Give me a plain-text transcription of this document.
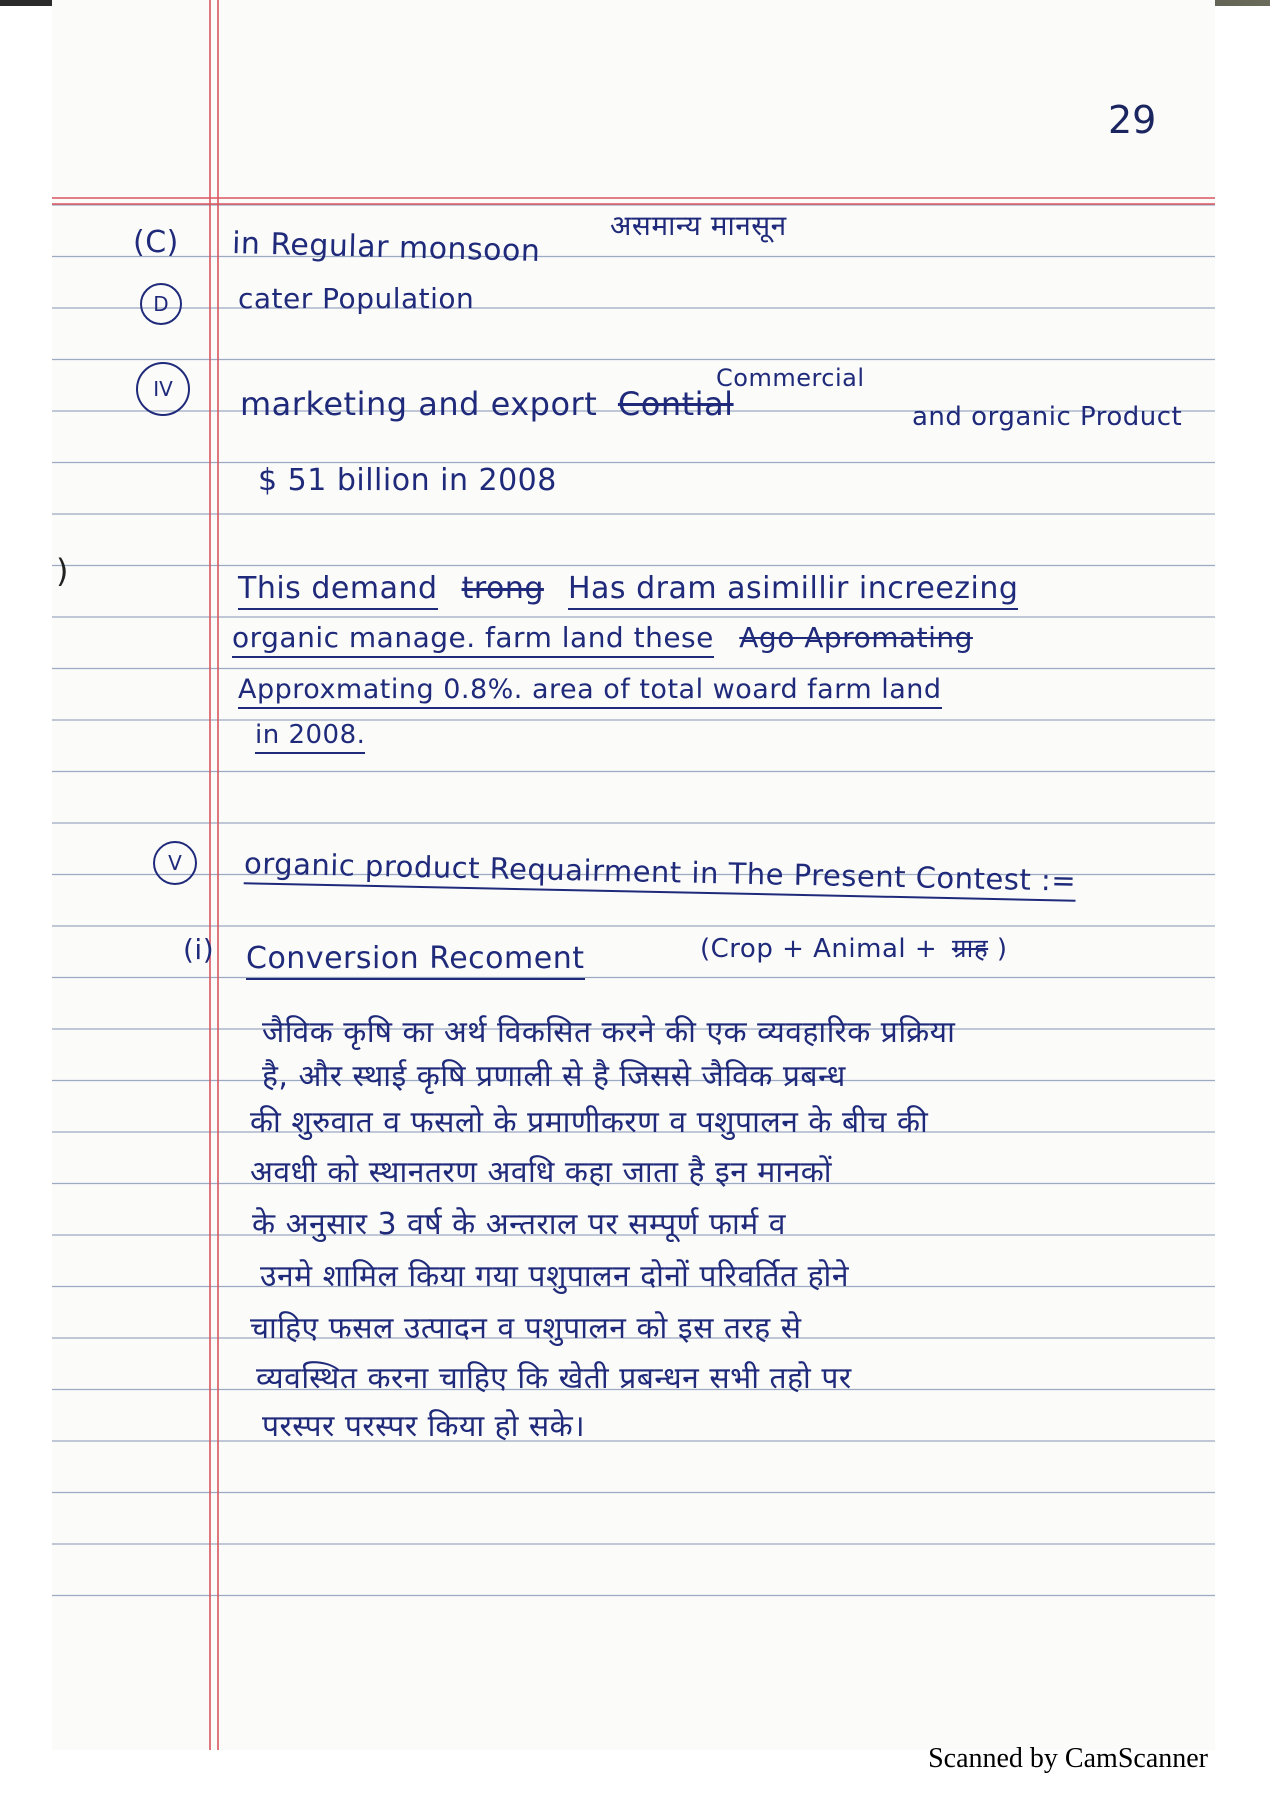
29
(C) in Regular monsoon
असमान्य मानसून
D	cater Population
IV	Commercial
marketing and export Contial	and organic Product
$ 51 billion in 2008
)	This demand trong Has dram asimillir increezing
organic manage. farm land these Ago Apromating
Approxmating 0.8%. area of total woard farm land
in 2008.
V	organic product Requairment in The Present Contest :=
(i) Conversion Recoment	(Crop + Animal + ग्राह )
जैविक कृषि का अर्थ विकसित करने की एक व्यवहारिक प्रक्रिया
है, और स्थाई कृषि प्रणाली से है जिससे जैविक प्रबन्ध
की शुरुवात व फसलो के प्रमाणीकरण व पशुपालन के बीच की
अवधी को स्थानतरण अवधि कहा जाता है इन मानकों
के अनुसार 3 वर्ष के अन्तराल पर सम्पूर्ण फार्म व
उनमे शामिल किया गया पशुपालन दोनों परिवर्तित होने
चाहिए फसल उत्पादन व पशुपालन को इस तरह से
व्यवस्थित करना चाहिए कि खेती प्रबन्धन सभी तहो पर
परस्पर परस्पर किया हो सके।
Scanned by CamScanner
